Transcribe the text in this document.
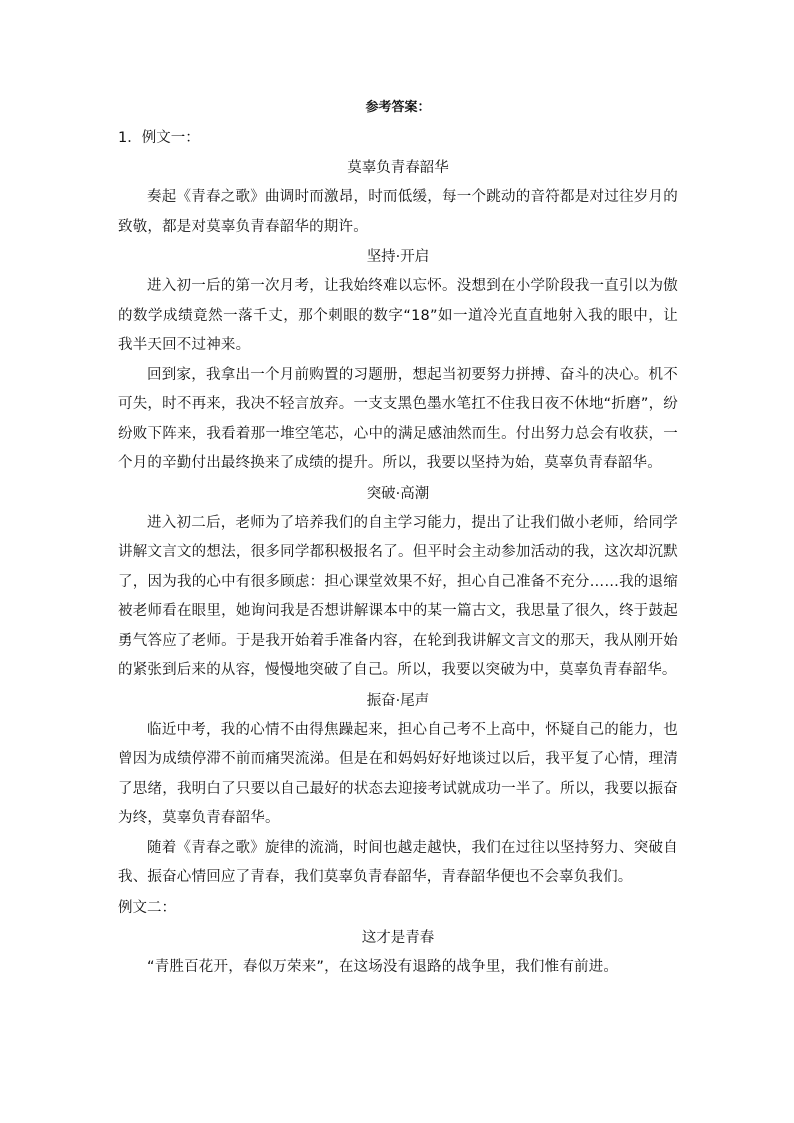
参考答案：
1．例文一：
莫辜负青春韶华

奏起《青春之歌》曲调时而激昂，时而低缓，每一个跳动的音符都是对过往岁月的致敬，都是对莫辜负青春韶华的期许。

坚持·开启

进入初一后的第一次月考，让我始终难以忘怀。没想到在小学阶段我一直引以为傲的数学成绩竟然一落千丈，那个刺眼的数字“18”如一道冷光直直地射入我的眼中，让我半天回不过神来。

回到家，我拿出一个月前购置的习题册，想起当初要努力拼搏、奋斗的决心。机不可失，时不再来，我决不轻言放弃。一支支黑色墨水笔扛不住我日夜不休地“折磨”，纷纷败下阵来，我看着那一堆空笔芯，心中的满足感油然而生。付出努力总会有收获，一个月的辛勤付出最终换来了成绩的提升。所以，我要以坚持为始，莫辜负青春韶华。

突破·高潮

进入初二后，老师为了培养我们的自主学习能力，提出了让我们做小老师，给同学讲解文言文的想法，很多同学都积极报名了。但平时会主动参加活动的我，这次却沉默了，因为我的心中有很多顾虑：担心课堂效果不好，担心自己准备不充分……我的退缩被老师看在眼里，她询问我是否想讲解课本中的某一篇古文，我思量了很久，终于鼓起勇气答应了老师。于是我开始着手准备内容，在轮到我讲解文言文的那天，我从刚开始的紧张到后来的从容，慢慢地突破了自己。所以，我要以突破为中，莫辜负青春韶华。

振奋·尾声

临近中考，我的心情不由得焦躁起来，担心自己考不上高中，怀疑自己的能力，也曾因为成绩停滞不前而痛哭流涕。但是在和妈妈好好地谈过以后，我平复了心情，理清了思绪，我明白了只要以自己最好的状态去迎接考试就成功一半了。所以，我要以振奋为终，莫辜负青春韶华。

随着《青春之歌》旋律的流淌，时间也越走越快，我们在过往以坚持努力、突破自我、振奋心情回应了青春，我们莫辜负青春韶华，青春韶华便也不会辜负我们。

例文二：
这才是青春

“青胜百花开，春似万荣来”，在这场没有退路的战争里，我们惟有前进。
